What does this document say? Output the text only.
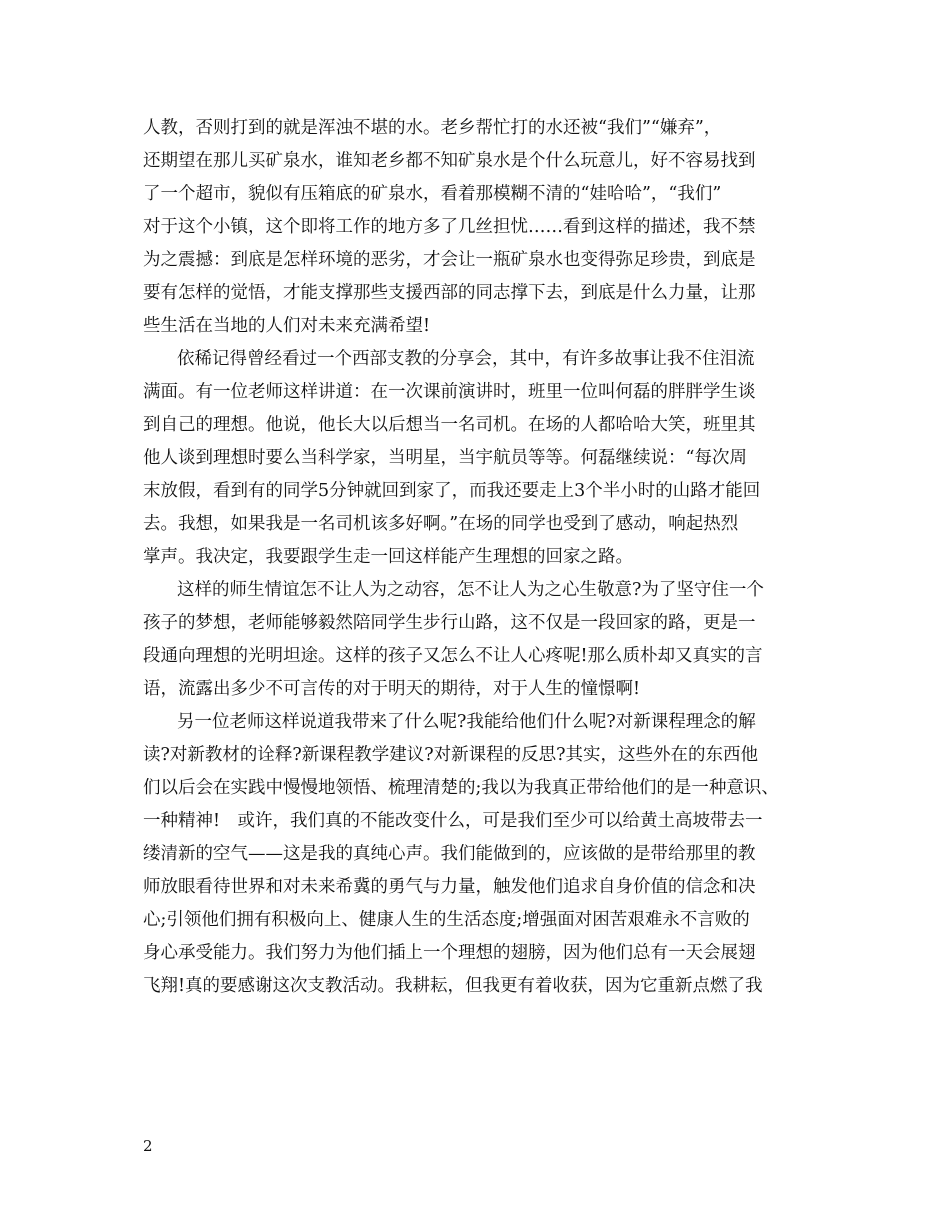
人教，否则打到的就是浑浊不堪的水。老乡帮忙打的水还被“我们”“嫌弃”，
还期望在那儿买矿泉水，谁知老乡都不知矿泉水是个什么玩意儿，好不容易找到
了一个超市，貌似有压箱底的矿泉水，看着那模糊不清的“娃哈哈”，“我们”
对于这个小镇，这个即将工作的地方多了几丝担忧……看到这样的描述，我不禁
为之震撼：到底是怎样环境的恶劣，才会让一瓶矿泉水也变得弥足珍贵，到底是
要有怎样的觉悟，才能支撑那些支援西部的同志撑下去，到底是什么力量，让那
些生活在当地的人们对未来充满希望!
依稀记得曾经看过一个西部支教的分享会，其中，有许多故事让我不住泪流
满面。有一位老师这样讲道：在一次课前演讲时，班里一位叫何磊的胖胖学生谈
到自己的理想。他说，他长大以后想当一名司机。在场的人都哈哈大笑，班里其
他人谈到理想时要么当科学家，当明星，当宇航员等等。何磊继续说：“每次周
末放假，看到有的同学5分钟就回到家了，而我还要走上3个半小时的山路才能回
去。我想，如果我是一名司机该多好啊。”在场的同学也受到了感动，响起热烈
掌声。我决定，我要跟学生走一回这样能产生理想的回家之路。
这样的师生情谊怎不让人为之动容，怎不让人为之心生敬意?为了坚守住一个
孩子的梦想，老师能够毅然陪同学生步行山路，这不仅是一段回家的路，更是一
段通向理想的光明坦途。这样的孩子又怎么不让人心疼呢!那么质朴却又真实的言
语，流露出多少不可言传的对于明天的期待，对于人生的憧憬啊!
另一位老师这样说道我带来了什么呢?我能给他们什么呢?对新课程理念的解
读?对新教材的诠释?新课程教学建议?对新课程的反思?其实，这些外在的东西他
们以后会在实践中慢慢地领悟、梳理清楚的;我以为我真正带给他们的是一种意识、
一种精神!　或许，我们真的不能改变什么，可是我们至少可以给黄土高坡带去一
缕清新的空气——这是我的真纯心声。我们能做到的，应该做的是带给那里的教
师放眼看待世界和对未来希冀的勇气与力量，触发他们追求自身价值的信念和决
心;引领他们拥有积极向上、健康人生的生活态度;增强面对困苦艰难永不言败的
身心承受能力。我们努力为他们插上一个理想的翅膀，因为他们总有一天会展翅
飞翔!真的要感谢这次支教活动。我耕耘，但我更有着收获，因为它重新点燃了我
2
